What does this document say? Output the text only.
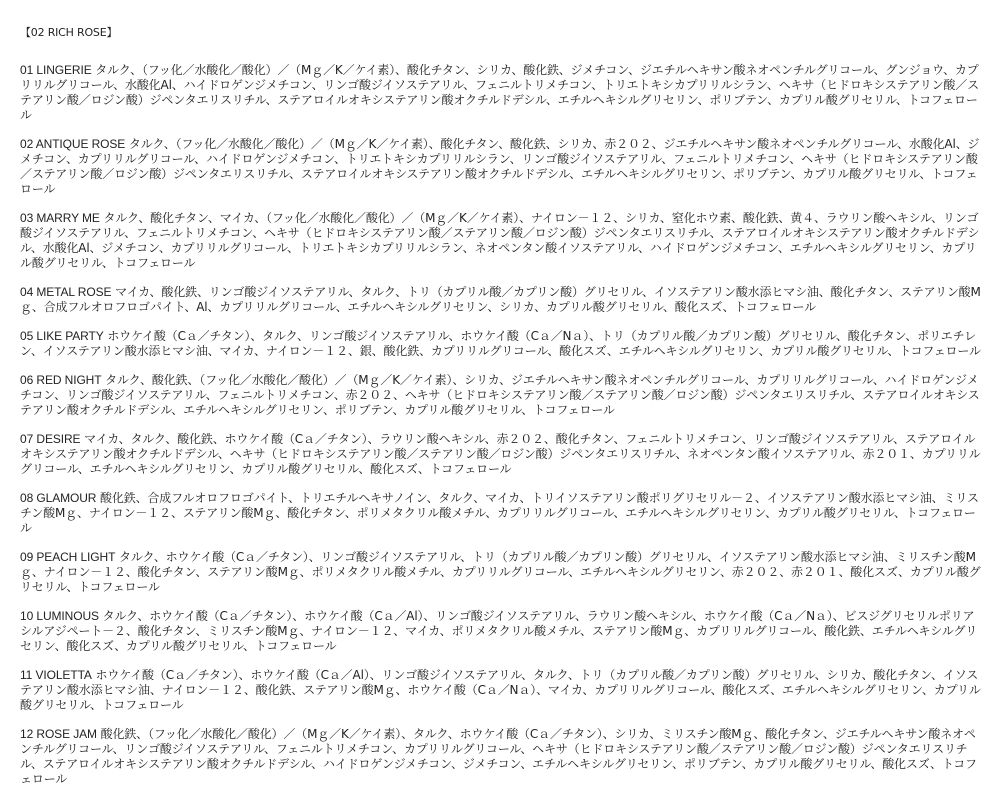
【02 RICH ROSE】
01 LINGERIE タルク、（フッ化／水酸化／酸化）／（Mｇ／K／ケイ素）、酸化チタン、シリカ、酸化鉄、ジメチコン、ジエチルヘキサン酸ネオペンチルグリコール、グンジョウ、カプリリルグリコール、水酸化Al、ハイドロゲンジメチコン、リンゴ酸ジイソステアリル、フェニルトリメチコン、トリエトキシカプリリルシラン、ヘキサ（ヒドロキシステアリン酸／ステアリン酸／ロジン酸）ジペンタエリスリチル、ステアロイルオキシステアリン酸オクチルドデシル、エチルヘキシルグリセリン、ポリブテン、カプリル酸グリセリル、トコフェロール
02 ANTIQUE ROSE タルク、（フッ化／水酸化／酸化）／（Mｇ／K／ケイ素）、酸化チタン、酸化鉄、シリカ、赤２０２、ジエチルヘキサン酸ネオペンチルグリコール、水酸化Al、ジメチコン、カプリリルグリコール、ハイドロゲンジメチコン、トリエトキシカプリリルシラン、リンゴ酸ジイソステアリル、フェニルトリメチコン、ヘキサ（ヒドロキシステアリン酸／ステアリン酸／ロジン酸）ジペンタエリスリチル、ステアロイルオキシステアリン酸オクチルドデシル、エチルヘキシルグリセリン、ポリブテン、カプリル酸グリセリル、トコフェロール
03 MARRY ME タルク、酸化チタン、マイカ、（フッ化／水酸化／酸化）／（Mｇ／K／ケイ素）、ナイロン－１２、シリカ、窒化ホウ素、酸化鉄、黄４、ラウリン酸ヘキシル、リンゴ酸ジイソステアリル、フェニルトリメチコン、ヘキサ（ヒドロキシステアリン酸／ステアリン酸／ロジン酸）ジペンタエリスリチル、ステアロイルオキシステアリン酸オクチルドデシル、水酸化Al、ジメチコン、カプリリルグリコール、トリエトキシカプリリルシラン、ネオペンタン酸イソステアリル、ハイドロゲンジメチコン、エチルヘキシルグリセリン、カプリル酸グリセリル、トコフェロール
04 METAL ROSE マイカ、酸化鉄、リンゴ酸ジイソステアリル、タルク、トリ（カプリル酸／カプリン酸）グリセリル、イソステアリン酸水添ヒマシ油、酸化チタン、ステアリン酸Mｇ、合成フルオロフロゴパイト、Al、カプリリルグリコール、エチルヘキシルグリセリン、シリカ、カプリル酸グリセリル、酸化スズ、トコフェロール
05 LIKE PARTY ホウケイ酸（Cａ／チタン）、タルク、リンゴ酸ジイソステアリル、ホウケイ酸（Cａ／Nａ）、トリ（カプリル酸／カプリン酸）グリセリル、酸化チタン、ポリエチレン、イソステアリン酸水添ヒマシ油、マイカ、ナイロン－１２、銀、酸化鉄、カプリリルグリコール、酸化スズ、エチルヘキシルグリセリン、カプリル酸グリセリル、トコフェロール
06 RED NIGHT タルク、酸化鉄、（フッ化／水酸化／酸化）／（Mｇ／K／ケイ素）、シリカ、ジエチルヘキサン酸ネオペンチルグリコール、カプリリルグリコール、ハイドロゲンジメチコン、リンゴ酸ジイソステアリル、フェニルトリメチコン、赤２０２、ヘキサ（ヒドロキシステアリン酸／ステアリン酸／ロジン酸）ジペンタエリスリチル、ステアロイルオキシステアリン酸オクチルドデシル、エチルヘキシルグリセリン、ポリブテン、カプリル酸グリセリル、トコフェロール
07 DESIRE マイカ、タルク、酸化鉄、ホウケイ酸（Cａ／チタン）、ラウリン酸ヘキシル、赤２０２、酸化チタン、フェニルトリメチコン、リンゴ酸ジイソステアリル、ステアロイルオキシステアリン酸オクチルドデシル、ヘキサ（ヒドロキシステアリン酸／ステアリン酸／ロジン酸）ジペンタエリスリチル、ネオペンタン酸イソステアリル、赤２０１、カプリリルグリコール、エチルヘキシルグリセリン、カプリル酸グリセリル、酸化スズ、トコフェロール
08 GLAMOUR 酸化鉄、合成フルオロフロゴパイト、トリエチルヘキサノイン、タルク、マイカ、トリイソステアリン酸ポリグリセリル－２、イソステアリン酸水添ヒマシ油、ミリスチン酸Mｇ、ナイロン－１２、ステアリン酸Mｇ、酸化チタン、ポリメタクリル酸メチル、カプリリルグリコール、エチルヘキシルグリセリン、カプリル酸グリセリル、トコフェロール
09 PEACH LIGHT タルク、ホウケイ酸（Cａ／チタン）、リンゴ酸ジイソステアリル、トリ（カプリル酸／カプリン酸）グリセリル、イソステアリン酸水添ヒマシ油、ミリスチン酸Mｇ、ナイロン－１２、酸化チタン、ステアリン酸Mｇ、ポリメタクリル酸メチル、カプリリルグリコール、エチルヘキシルグリセリン、赤２０２、赤２０１、酸化スズ、カプリル酸グリセリル、トコフェロール
10 LUMINOUS タルク、ホウケイ酸（Cａ／チタン）、ホウケイ酸（Cａ／Al）、リンゴ酸ジイソステアリル、ラウリン酸ヘキシル、ホウケイ酸（Cａ／Nａ）、ビスジグリセリルポリアシルアジペート－２、酸化チタン、ミリスチン酸Mｇ、ナイロン－１２、マイカ、ポリメタクリル酸メチル、ステアリン酸Mｇ、カプリリルグリコール、酸化鉄、エチルヘキシルグリセリン、酸化スズ、カプリル酸グリセリル、トコフェロール
11 VIOLETTA ホウケイ酸（Cａ／チタン）、ホウケイ酸（Cａ／Al）、リンゴ酸ジイソステアリル、タルク、トリ（カプリル酸／カプリン酸）グリセリル、シリカ、酸化チタン、イソステアリン酸水添ヒマシ油、ナイロン－１２、酸化鉄、ステアリン酸Mｇ、ホウケイ酸（Cａ／Nａ）、マイカ、カプリリルグリコール、酸化スズ、エチルヘキシルグリセリン、カプリル酸グリセリル、トコフェロール
12 ROSE JAM 酸化鉄、（フッ化／水酸化／酸化）／（Mｇ／K／ケイ素）、タルク、ホウケイ酸（Cａ／チタン）、シリカ、ミリスチン酸Mｇ、酸化チタン、ジエチルヘキサン酸ネオペンチルグリコール、リンゴ酸ジイソステアリル、フェニルトリメチコン、カプリリルグリコール、ヘキサ（ヒドロキシステアリン酸／ステアリン酸／ロジン酸）ジペンタエリスリチル、ステアロイルオキシステアリン酸オクチルドデシル、ハイドロゲンジメチコン、ジメチコン、エチルヘキシルグリセリン、ポリブテン、カプリル酸グリセリル、酸化スズ、トコフェロール
